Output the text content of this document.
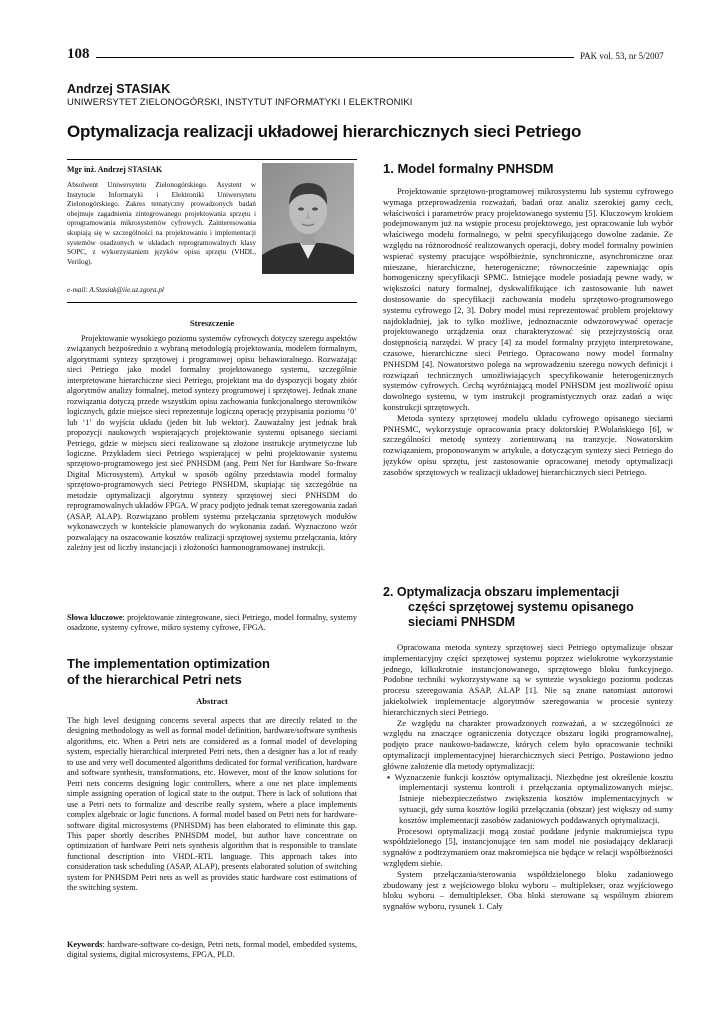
108	PAK vol. 53, nr 5/2007
Andrzej STASIAK
UNIWERSYTET ZIELONOGÓRSKI, INSTYTUT INFORMATYKI I ELEKTRONIKI
Optymalizacja realizacji układowej hierarchicznych sieci Petriego
Mgr inż. Andrzej STASIAK
Absolwent Uniwersytetu Zielonogórskiego. Asystent w Instytucie Informatyki i Elektroniki Uniwersytetu Zielonogórskiego. Zakres tematyczny prowadzonych badań obejmuje zagadnienia zintegrowanego projektowania sprzętu i oprogramowania mikrosystemów cyfrowych. Zainteresowania skupiają się w szczególności na projektowaniu i implementacji systemów osadzonych w układach reprogramowalnych klasy SOPC, z wykorzystaniem języków opisu sprzętu (VHDL, Verilog).
e-mail: A.Stasiak@iie.uz.zgora.pl
Streszczenie

Projektowanie wysokiego poziomu systemów cyfrowych dotyczy szeregu aspektów związanych bezpośrednio z wybraną metodologią projektowania, modelem formalnym, algorytmami syntezy sprzętowej i programowej opisu behawioralnego. Rozważając sieci Petriego jako model formalny projektowanego systemu, szczególnie interpretowane hierarchiczne sieci Petriego, projektant ma do dyspozycji bogaty zbiór algorytmów analizy formalnej, metod syntezy programowej i sprzętowej. Jednak znane rozwiązania dotyczą przede wszystkim opisu zachowania funkcjonalnego sterowników logicznych, gdzie miejsce sieci reprezentuje logiczną operację przypisania poziomu ‘0’ lub ‘1’ do wyjścia układu (jeden bit lub wektor). Zauważalny jest jednak brak propozycji naukowych wspierających projektowanie systemu opisanego sieciami Petriego, gdzie w miejscu sieci realizowane są złożone instrukcje arytmetyczne lub logiczne. Przykładem sieci Petriego wspierającej w pełni projektowanie systemu sprzętowo-programowego jest sieć PNHSDM (ang. Petri Net for Hardware So-ftware Digital Microsystem). Artykuł w sposób ogólny przedstawia model formalny sprzętowo-programowych sieci Petriego PNSHDM, skupiając się szczególnie na metodzie optymalizacji algorytmu syntezy sprzętowej sieci PNHSDM do reprogramowalnych układów FPGA. W pracy podjęto jednak temat szeregowania zadań (ASAP, ALAP). Rozwiązano problem systemu przełączania sprzętowych modułów wykonawczych w kontekście planowanych do wykonania zadań. Wyznaczono wzór pozwalający na oszacowanie kosztów realizacji sprzętowej systemu przełączania, który zależny jest od liczby instancjacji i złożoności harmonogramowanej instrukcji.

Słowa kluczowe: projektowanie zintegrowane, sieci Petriego, model formalny, systemy osadzone, systemy cyfrowe, mikro systemy cyfrowe, FPGA.

The implementation optimization
of the hierarchical Petri nets
Abstract

The high level designing concerns several aspects that are directly related to the designing methodology as well as formal model definition, hardware/software synthesis algorithms, etc. When a Petri nets are considered as a formal model of developing system, especially hierarchical interpreted Petri nets, then a designer has a lot of ready to use and very well documented algorithms dedicated for formal verification, hardware and software synthesis, transformations, etc. However, most of the know solutions for Petri nets concerns designing logic controllers, where a one net place implements simple assigning operation of logical state to the output. There is lack of solutions that use a Petri nets to formalize and describe really system, where a place implements complex algebraic or logic functions. A formal model based on Petri nets for hardware-software digital microsystems (PNHSDM) has been elaborated to eliminate this gap. This paper shortly describes PNHSDM model, but author have concentrate on optimization of hardware Petri nets synthesis algorithm that is responsible to translate functional description into VHDL-RTL language. This approach takes into consideration task scheduling (ASAP, ALAP), presents elaborated solution of switching system for PNHSDM Petri nets as well as provides static hardware cost estimations of the switching system.

Keywords: hardware-software co-design, Petri nets, formal model, embedded systems, digital systems, digital microsystems, FPGA, PLD.

1. Model formalny PNHSDM

Projektowanie sprzętowo-programowej mikrosystemu lub systemu cyfrowego wymaga przeprowadzenia rozważań, badań oraz analiz szerokiej gamy cech, właściwości i parametrów pracy projektowanego systemu [5]. Kluczowym krokiem podejmowanym już na wstępie procesu projektowego, jest opracowanie lub wybór właściwego modelu formalnego, w pełni specyfikującego dowolne zadanie. Ze względu na różnorodność realizowanych operacji, dobry model formalny powinien wspierać systemy pracujące współbieżnie, synchroniczne, asynchroniczne oraz mieszane, hierarchiczne, heterogeniczne; równocześnie zapewniając opis homogeniczny specyfikacji SPMC. Istniejące modele posiadają pewne wady, w większości natury formalnej, dyskwalifikujące ich zastosowanie lub nawet dostosowanie do specyfikacji zachowania modelu sprzętowo-programowego systemu cyfrowego [2, 3]. Dobry model musi reprezentować problem projektowy najdokładniej, jak to tylko możliwe, jednoznacznie odwzorowywać operacje projektowanego urządzenia oraz charakteryzować się przejrzystością oraz dostępnością narzędzi. W pracy [4] za model formalny przyjęto interpretowane, czasowe, hierarchiczne sieci Petriego. Opracowano nowy model formalny PNHSDM [4]. Nowatorstwo polega na wprowadzeniu szeregu nowych definicji i rozwiązań technicznych umożliwiających specyfikowanie heterogenicznych systemów cyfrowych. Cechą wyróżniającą model PNHSDM jest możliwość opisu dowolnego systemu, w tym instrukcji programistycznych oraz zadań a więc konstrukcji sprzętowych.

Metoda syntezy sprzętowej modelu układu cyfrowego opisanego sieciami PNHSMC, wykorzystuje opracowania pracy doktorskiej P.Wolańskiego [6], w szczególności metodę syntezy zorientowaną na tranzycje. Nowatorskim rozwiązaniem, proponowanym w artykule, a dotyczącym syntezy sieci Petriego do języków opisu sprzętu, jest zastosowanie opracowanej metody optymalizacji zasobów sprzętowych w realizacji układowej hierarchicznych sieci Petriego.

2. Optymalizacja obszaru implementacji
części sprzętowej systemu opisanego
sieciami PNHSDM

Opracowana metoda syntezy sprzętowej sieci Petriego optymalizuje obszar implementacyjny części sprzętowej systemu poprzez wielokrotne wykorzystanie jednego, kilkukrotnie instancjonowanego, sprzętowego bloku funkcyjnego. Podobne techniki wykorzystywane są w syntezie wysokiego poziomu podczas procesu szeregowania ASAP, ALAP [1]. Nie są znane natomiast autorowi jakiekolwiek implementacje algorytmów szeregowania w procesie syntezy hierarchicznych sieci Petriego.

Ze względu na charakter prowadzonych rozważań, a w szczególności ze względu na znaczące ograniczenia dotyczące obszaru logiki programowalnej, podjęto prace naukowo-badawcze, których celem było opracowanie techniki optymalizacji implementacyjnej hierarchicznych sieci Petrigo. Postawiono jedno główne założenie dla metody optymalizacji:

▪ Wyznaczenie funkcji kosztów optymalizacji. Niezbędne jest określenie kosztu implementacji systemu kontroli i przełączania optymalizowanych miejsc. Istnieje niebezpieczeństwo zwiększenia kosztów implementacyjnych w sytuacji, gdy suma kosztów logiki przełączania (obszar) jest większy od sumy kosztów implementacji zasobów zadaniowych poddawanych optymalizacji.

Procesowi optymalizacji mogą zostać poddane jedynie makromiejsca typu współdzielonego [5], instancjonujące ten sam model nie posiadający deklaracji sygnałów z podtrzymaniem oraz makromiejsca nie będące w relacji współbieżności względem siebie.

System przełączania/sterowania współdzielonego bloku zadaniowego zbudowany jest z wejściowego bloku wyboru – multiplekser, oraz wyjściowego bloku wyboru – demultiplekser. Oba bloki sterowane są wspólnym zbiorem sygnałów wyboru, rysunek 1. Cały
